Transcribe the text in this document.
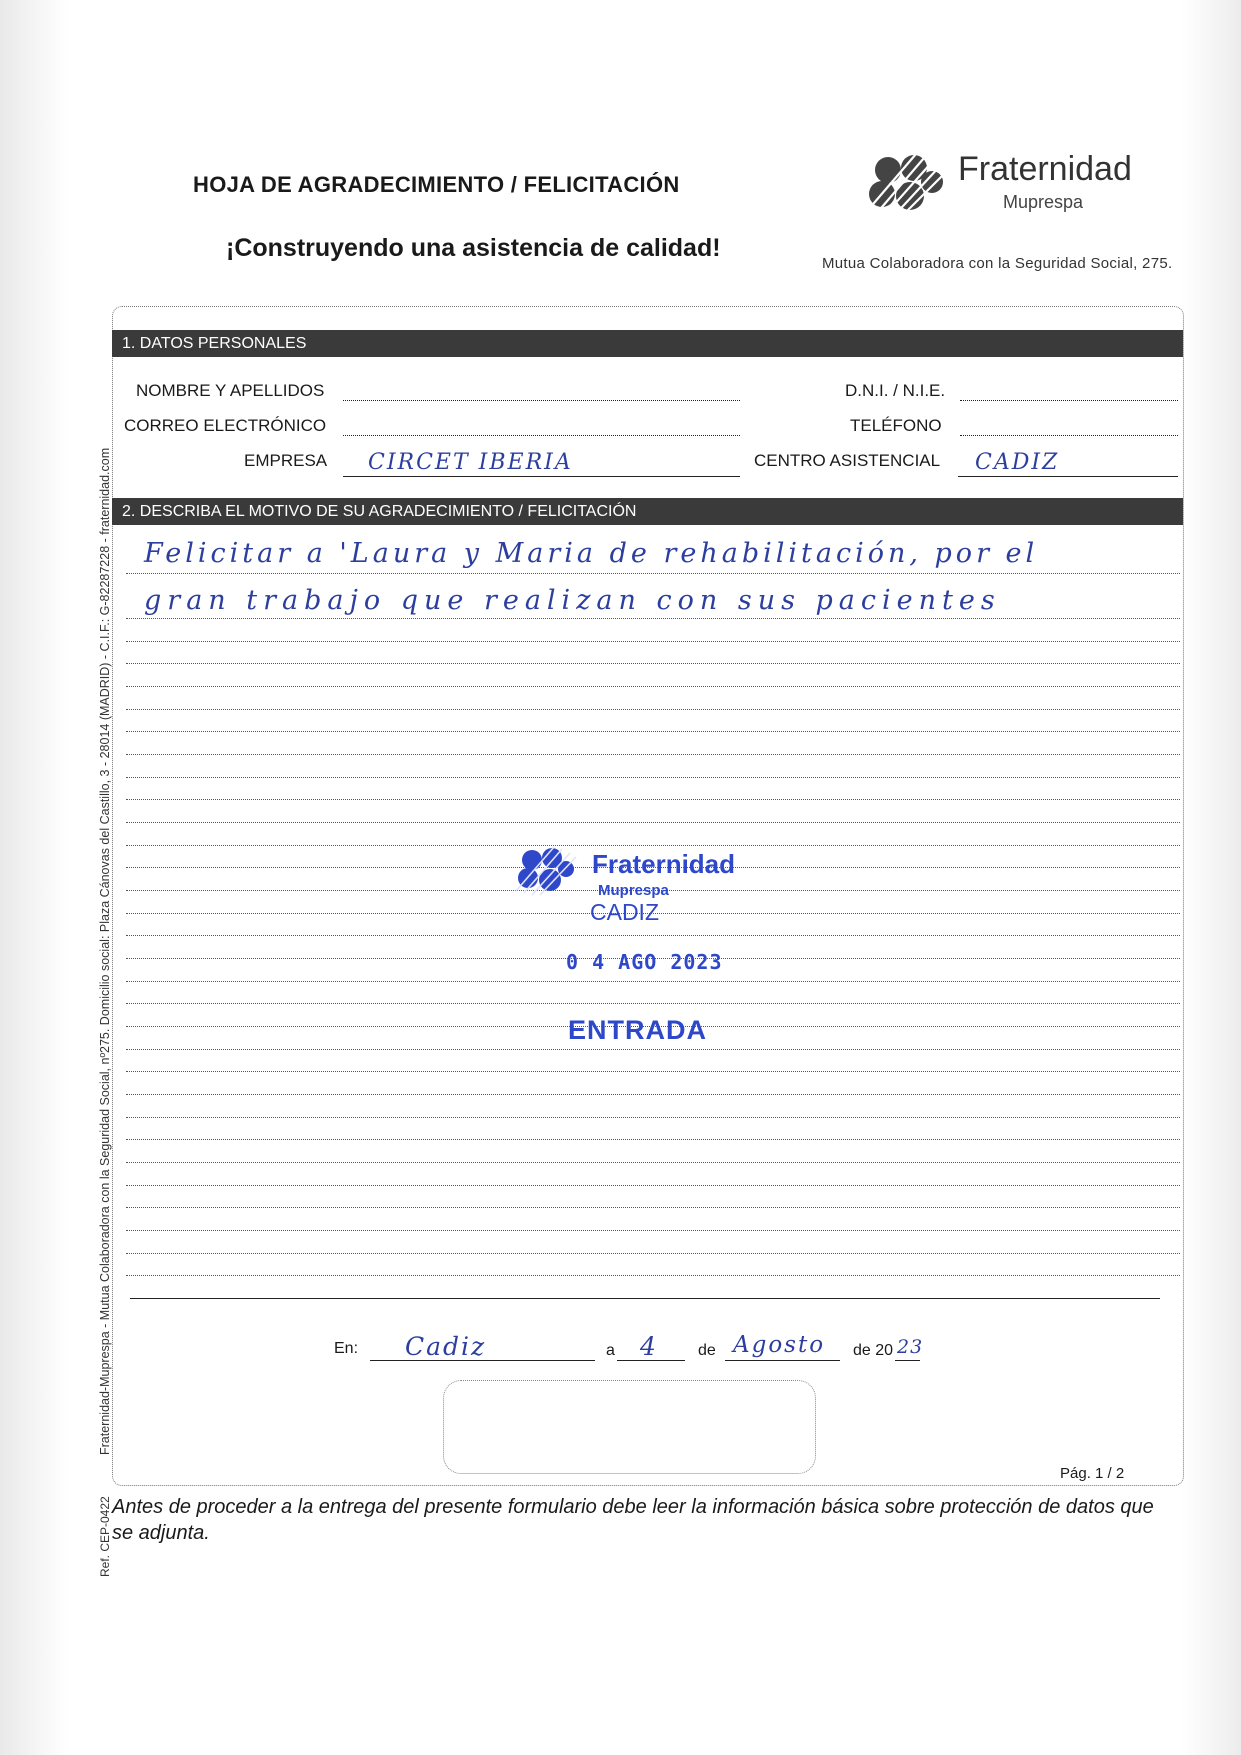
HOJA DE AGRADECIMIENTO / FELICITACIÓN
¡Construyendo una asistencia de calidad!
Fraternidad
Muprespa
Mutua Colaboradora con la Seguridad Social, 275.
1. DATOS PERSONALES
NOMBRE Y APELLIDOS	D.N.I. / N.I.E.
CORREO ELECTRÓNICO	TELÉFONO
EMPRESA CIRCET IBERIA	CENTRO ASISTENCIAL CADIZ
2. DESCRIBA EL MOTIVO DE SU AGRADECIMIENTO / FELICITACIÓN
Felicitar a 'Laura y Maria de rehabilitación, por el
gran trabajo que realizan con sus pacientes
Fraternidad
Muprespa
CADIZ
0 4 AGO 2023
ENTRADA
En: Cadiz	a 4	de Agosto de 20 23
Pág. 1 / 2
Antes de proceder a la entrega del presente formulario debe leer la información básica sobre protección de datos que se adjunta.
Fraternidad-Muprespa - Mutua Colaboradora con la Seguridad Social, nº275. Domicilio social: Plaza Cánovas del Castillo, 3 - 28014 (MADRID) - C.I.F.: G-82287228 - fraternidad.com
Ref. CEP-0422
